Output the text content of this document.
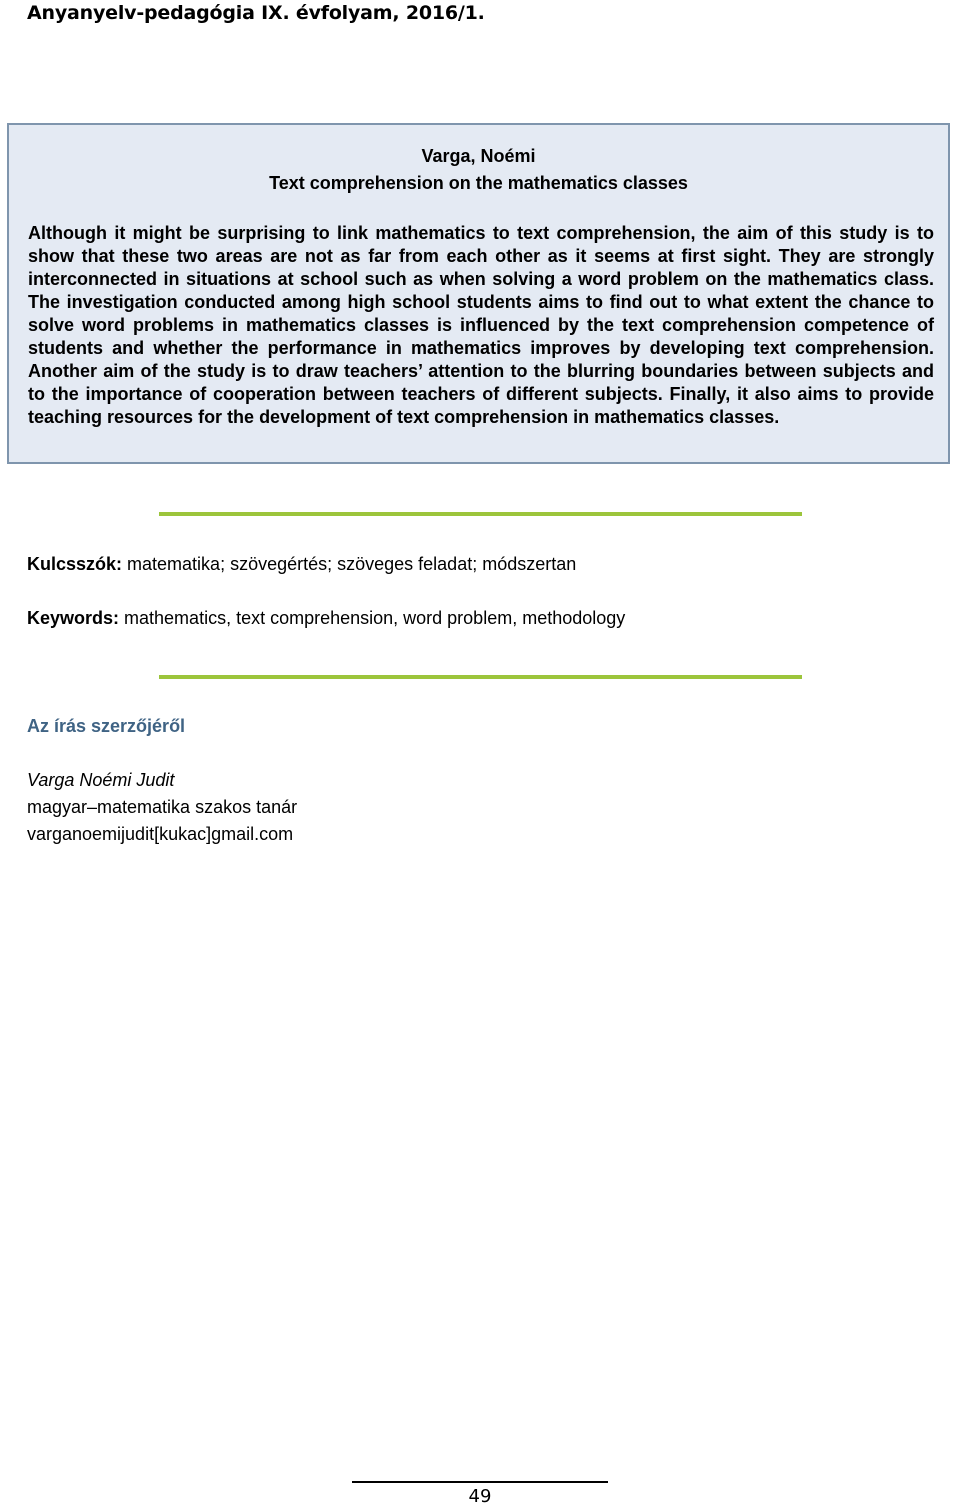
Anyanyelv-pedagógia IX. évfolyam, 2016/1.
Varga, Noémi
Text comprehension on the mathematics classes

Although it might be surprising to link mathematics to text comprehension, the aim of this study is to show that these two areas are not as far from each other as it seems at first sight. They are strongly interconnected in situations at school such as when solving a word problem on the mathematics class. The investigation conducted among high school students aims to find out to what extent the chance to solve word problems in mathematics classes is influenced by the text comprehension competence of students and whether the performance in mathematics improves by developing text comprehension. Another aim of the study is to draw teachers’ attention to the blurring boundaries between subjects and to the importance of cooperation between teachers of different subjects. Finally, it also aims to provide teaching resources for the development of text comprehension in mathematics classes.

Kulcsszók: matematika; szövegértés; szöveges feladat; módszertan
Keywords: mathematics, text comprehension, word problem, methodology
Az írás szerzőjéről
Varga Noémi Judit
magyar–matematika szakos tanár
varganoemijudit[kukac]gmail.com
49
